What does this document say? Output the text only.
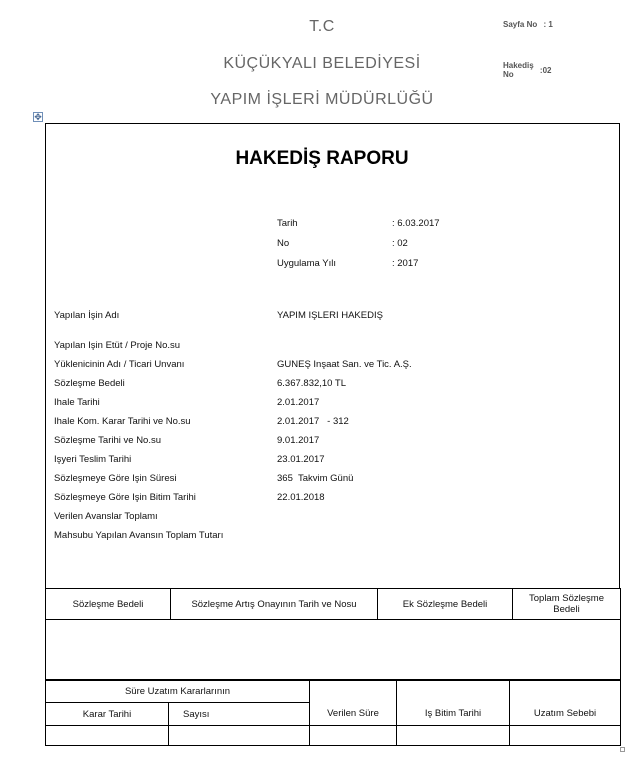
T.C
KÜÇÜKYALI BELEDİYESİ
YAPIM İŞLERİ MÜDÜRLÜĞÜ
Sayfa No : 1
Hakediş
No	:02
✥
HAKEDİŞ RAPORU
Tarih	: 6.03.2017
No	: 02
Uygulama Yılı	: 2017
Yapılan İşin Adı	YAPIM IŞLERI HAKEDIŞ
Yapılan Işin Etüt / Proje No.su
Yüklenicinin Adı / Ticari Unvanı	GUNEŞ Inşaat San. ve Tic. A.Ş.
Sözleşme Bedeli	6.367.832,10 TL
Ihale Tarihi	2.01.2017
Ihale Kom. Karar Tarihi ve No.su	2.01.2017   - 312
Sözleşme Tarihi ve No.su	9.01.2017
Işyeri Teslim Tarihi	23.01.2017
Sözleşmeye Göre Işin Süresi	365  Takvim Günü
Sözleşmeye Göre Işin Bitim Tarihi	22.01.2018
Verilen Avanslar Toplamı
Mahsubu Yapılan Avansın Toplam Tutarı
Sözleşme Bedeli	Sözleşme Artış Onayının Tarih ve Nosu	Ek Sözleşme Bedeli	Toplam Sözleşme Bedeli

Süre Uzatım Kararlarının		Verilen Süre	Iş Bitim Tarihi	Uzatım Sebebi
Karar Tarihi	Sayısı			
